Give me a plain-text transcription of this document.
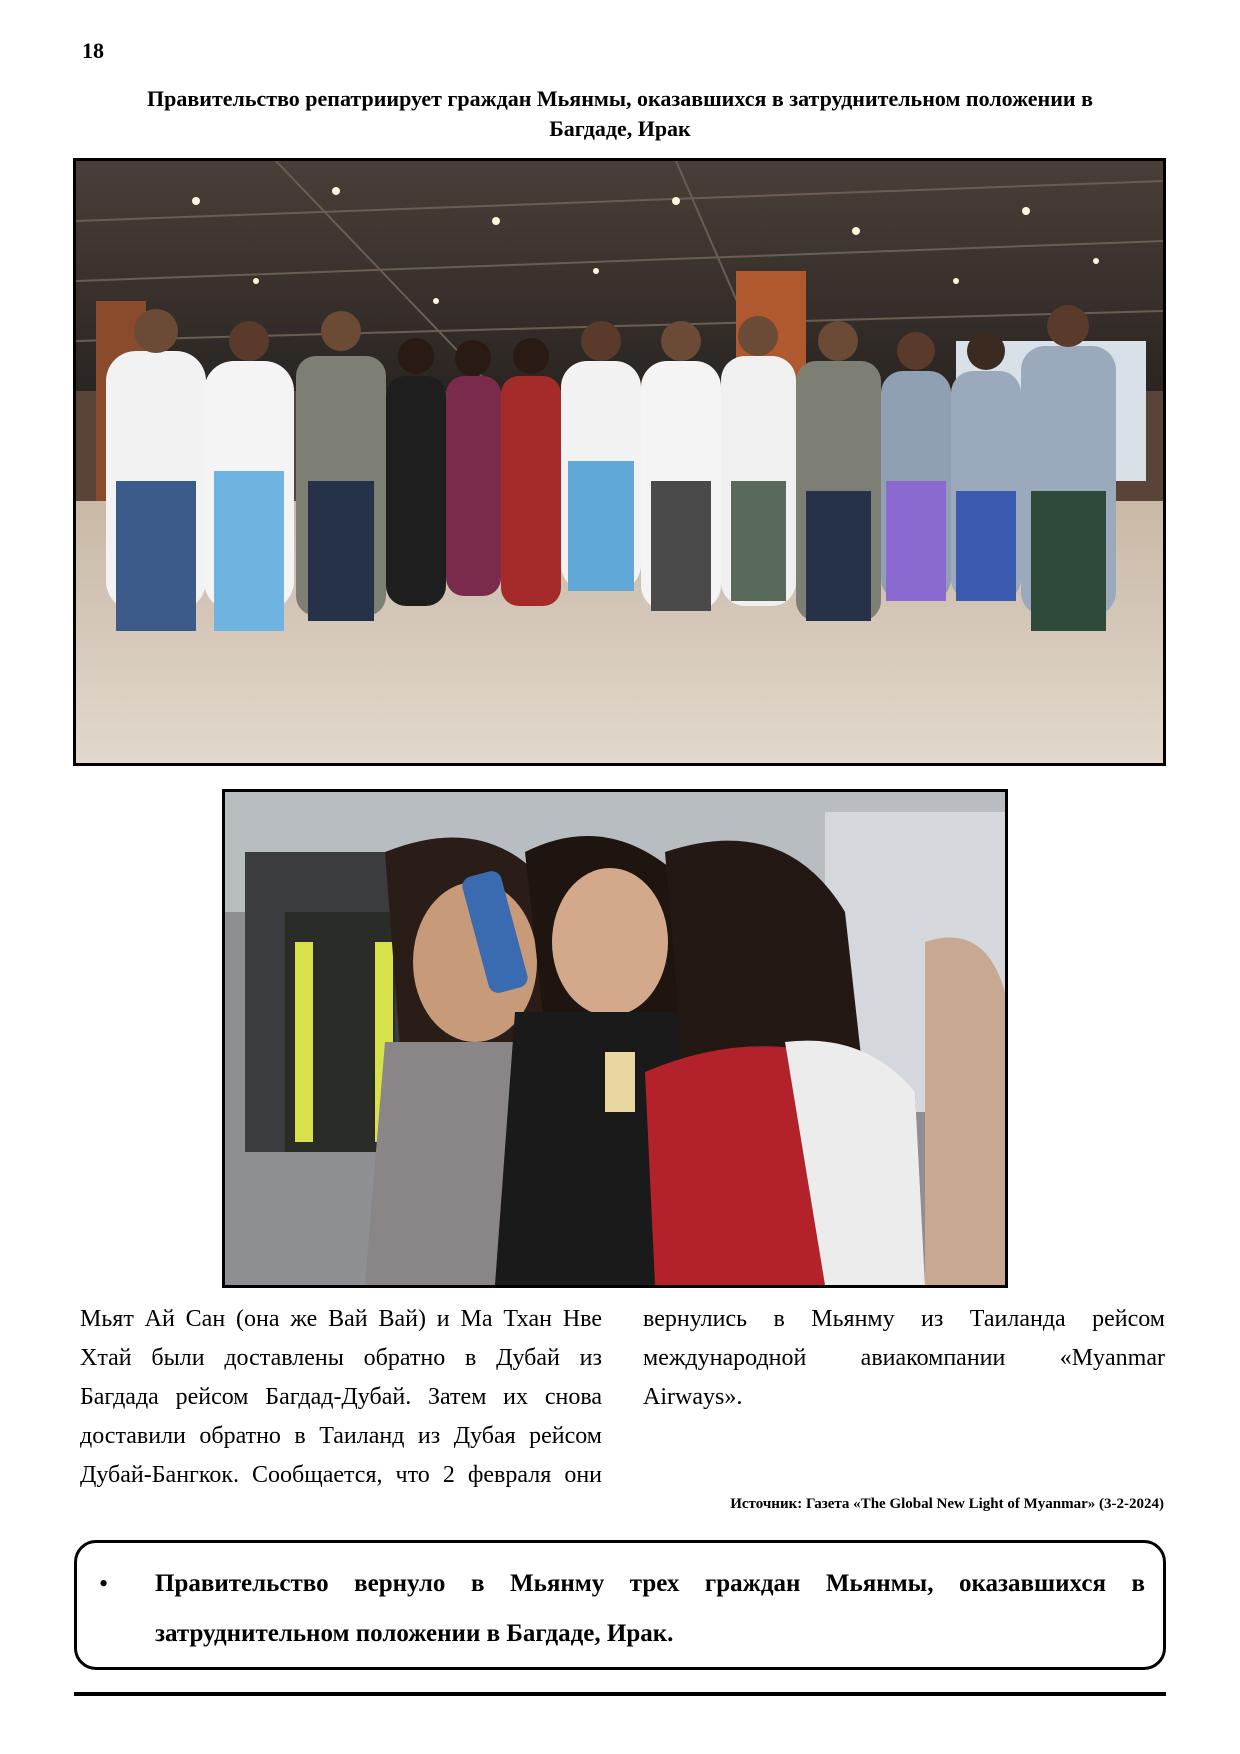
18
Правительство репатриирует граждан Мьянмы, оказавшихся в затруднительном положении в Багдаде, Ирак
Мьят Ай Сан (она же Вай Вай) и Ма Тхан Нве Хтай были доставлены обратно в Дубай из Багдада рейсом Багдад-Дубай. Затем их снова доставили обратно в Таиланд из Дубая рейсом Дубай-Бангкок. Сообщается, что 2 февраля они
вернулись в Мьянму из Таиланда рейсом международной авиакомпании «Myanmar Airways».
Источник: Газета «The Global New Light of Myanmar» (3-2-2024)
•	Правительство вернуло в Мьянму трех граждан Мьянмы, оказавшихся в затруднительном положении в Багдаде, Ирак.
